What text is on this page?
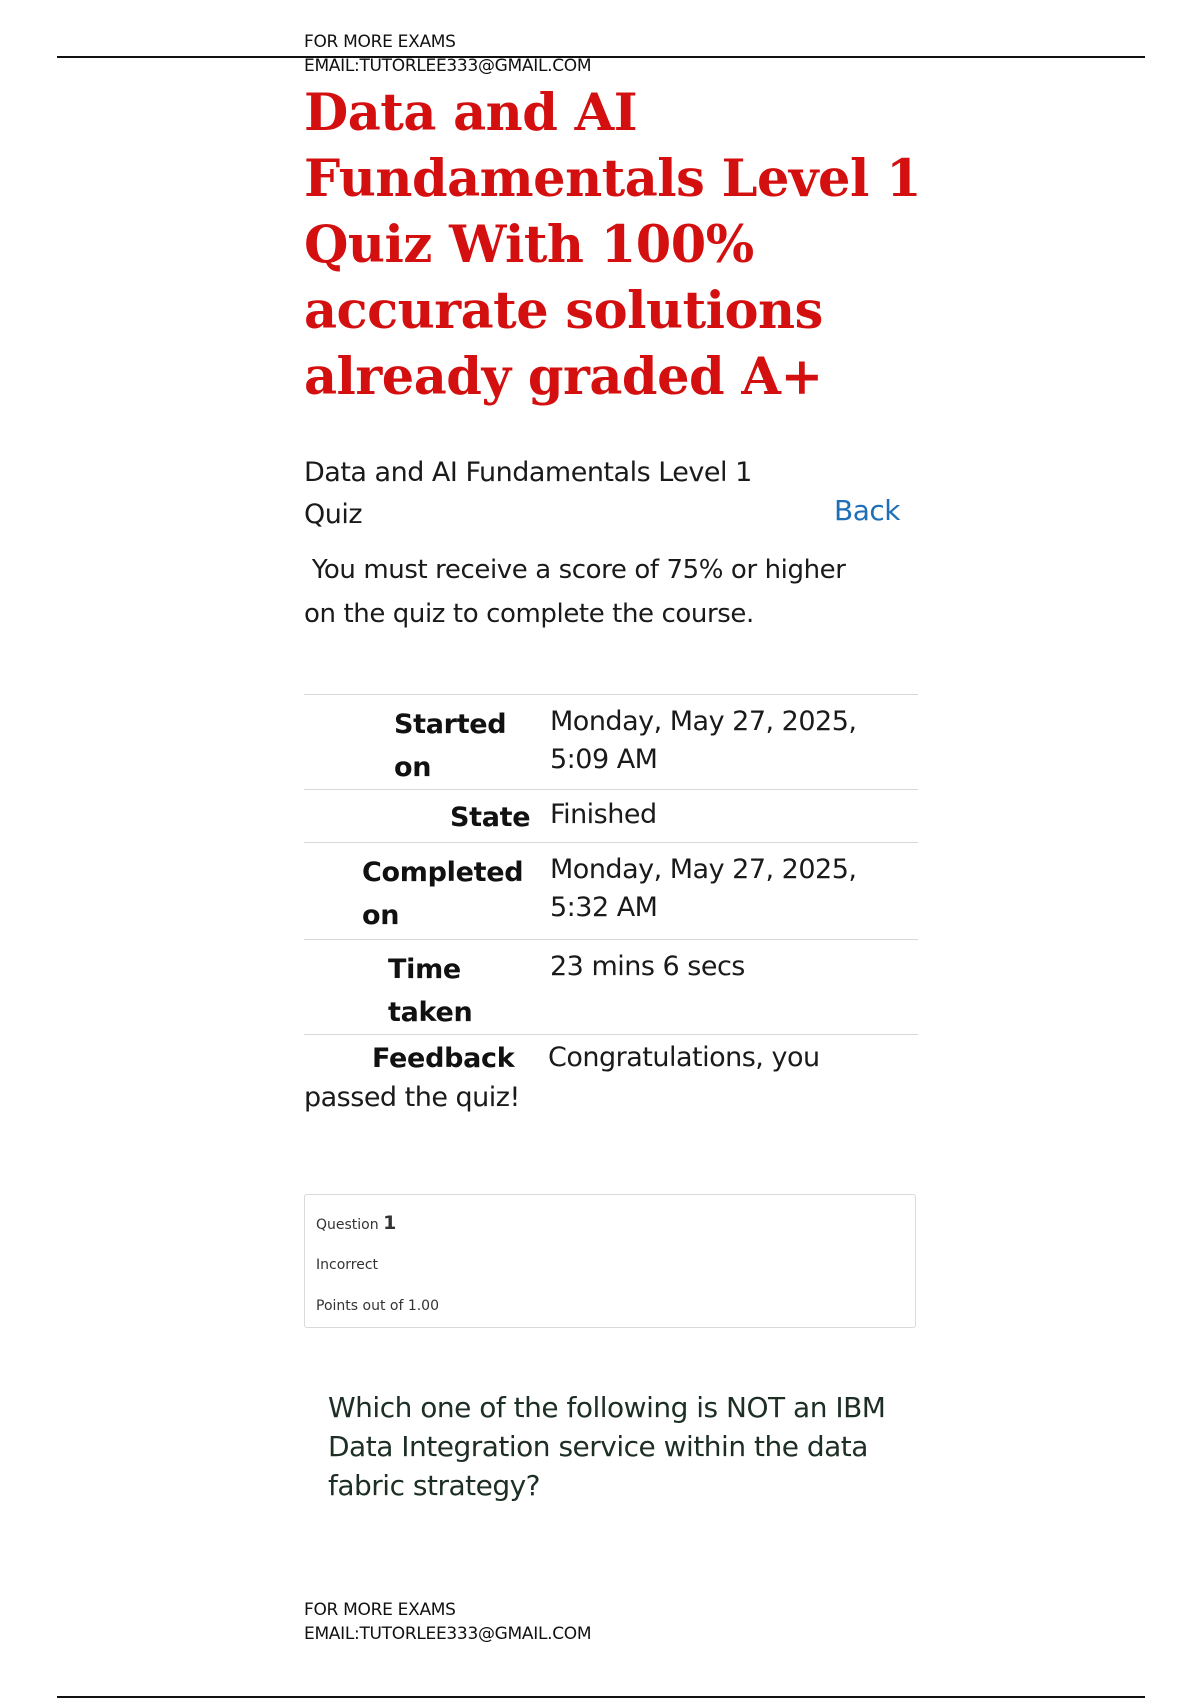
FOR MORE EXAMS
EMAIL:TUTORLEE333@GMAIL.COM
Data and AI
Fundamentals Level 1
Quiz With 100%
accurate solutions
already graded A+
Data and AI Fundamentals Level 1
Quiz	Back
You must receive a score of 75% or higher
on the quiz to complete the course.
Started
on
Monday, May 27, 2025,
5:09 AM
State Finished
Completed
on
Monday, May 27, 2025,
5:32 AM
Time
taken
23 mins 6 secs
Feedback Congratulations, you
passed the quiz!
Question 1
Incorrect
Points out of 1.00
Which one of the following is NOT an IBM
Data Integration service within the data
fabric strategy?
FOR MORE EXAMS
EMAIL:TUTORLEE333@GMAIL.COM
